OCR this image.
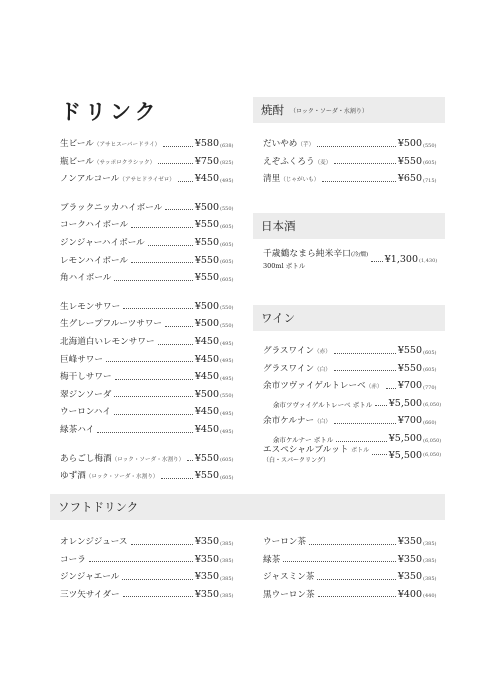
ドリンク
生ビール（アサヒスーパードライ）	¥580 (638)
瓶ビール（サッポロクラシック）	¥750 (825)
ノンアルコール（アサヒドライゼロ） ¥450 (495)
ブラックニッカハイボール	¥500 (550)
コークハイボール	¥550 (605)
ジンジャーハイボール	¥550 (605)
レモンハイボール	¥550 (605)
角ハイボール	¥550 (605)
生レモンサワー	¥500 (550)
生グレープフルーツサワー	¥500 (550)
北海道白いレモンサワー	¥450 (495)
巨峰サワー	¥450 (495)
梅干しサワー	¥450 (495)
翠ジンソーダ	¥500 (550)
ウーロンハイ	¥450 (495)
緑茶ハイ	¥450 (495)
あらごし梅酒（ロック・ソーダ・水割り） ¥550 (605)
ゆず酒（ロック・ソーダ・水割り）	¥550 (605)
焼酎 （ロック・ソーダ・水割り）
だいやめ（芋）	¥500 (550)
えぞふくろう（麦）	¥550 (605)
清里（じゃがいも）	¥650 (715)
日本酒
千歳鶴なまら純米辛口(冷/燗)
300ml ボトル
¥1,300 (1,430)
ワイン
グラスワイン（赤）	¥550 (605)
グラスワイン（白）	¥550 (605)
余市ツヴァイゲルトレーベ（赤） ¥700 (770)
余市ツヴァイゲルトレーベ ボトル ¥5,500 (6,050)
余市ケルナー（白）	¥700 (660)
余市ケルナー ボトル	¥5,500 (6,050)
エスペシャルブルット ボトル
（白・スパークリング）	¥5,500 (6,050)
ソフトドリンク
オレンジジュース	¥350 (385)
コーラ	¥350 (385)
ジンジャエール	¥350 (385)
三ツ矢サイダー	¥350 (385)
ウーロン茶	¥350 (385)
緑茶	¥350 (385)
ジャスミン茶	¥350 (385)
黒ウーロン茶	¥400 (440)
